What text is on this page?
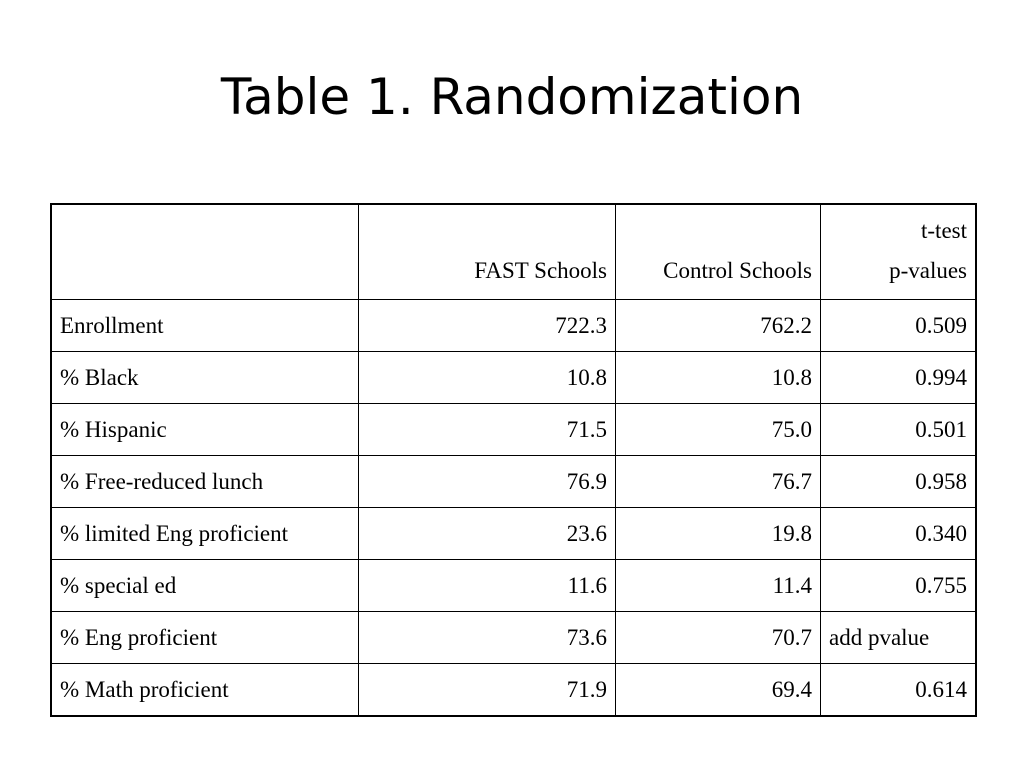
Table 1. Randomization
	FAST Schools	Control Schools	t-test
p-values

Enrollment	722.3	762.2	0.509
% Black	10.8	10.8	0.994
% Hispanic	71.5	75.0	0.501
% Free-reduced lunch	76.9	76.7	0.958
% limited Eng proficient	23.6	19.8	0.340
% special ed	11.6	11.4	0.755
% Eng proficient	73.6	70.7	add pvalue
% Math proficient	71.9	69.4	0.614
